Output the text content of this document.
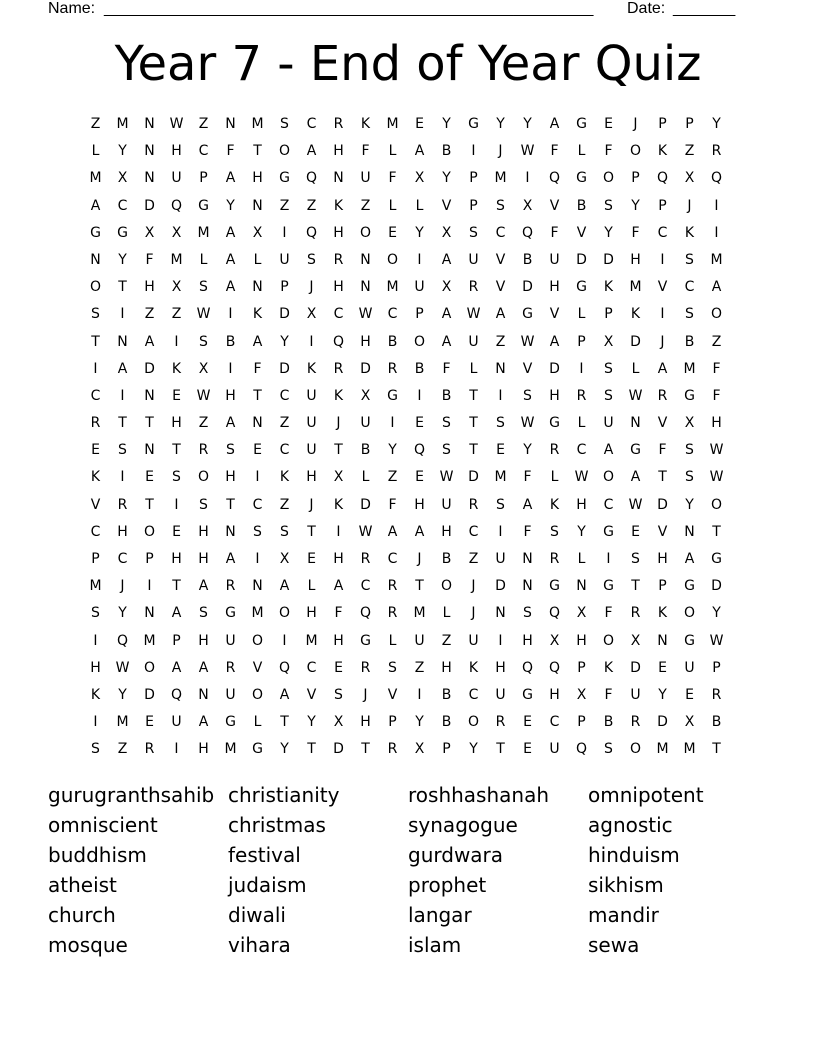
Name: _______________________________________________________ Date: _______
Year 7 - End of Year Quiz
Z	M	N	W	Z	N	M	S	C	R	K	M	E	Y	G	Y	Y	A	G	E	J	P	P	Y
L	Y	N	H	C	F	T	O	A	H	F	L	A	B	I	J	W	F	L	F	O	K	Z	R
M	X	N	U	P	A	H	G	Q	N	U	F	X	Y	P	M	I	Q	G	O	P	Q	X	Q
A	C	D	Q	G	Y	N	Z	Z	K	Z	L	L	V	P	S	X	V	B	S	Y	P	J	I
G	G	X	X	M	A	X	I	Q	H	O	E	Y	X	S	C	Q	F	V	Y	F	C	K	I
N	Y	F	M	L	A	L	U	S	R	N	O	I	A	U	V	B	U	D	D	H	I	S	M
O	T	H	X	S	A	N	P	J	H	N	M	U	X	R	V	D	H	G	K	M	V	C	A
S	I	Z	Z	W	I	K	D	X	C	W	C	P	A	W	A	G	V	L	P	K	I	S	O
T	N	A	I	S	B	A	Y	I	Q	H	B	O	A	U	Z	W	A	P	X	D	J	B	Z
I	A	D	K	X	I	F	D	K	R	D	R	B	F	L	N	V	D	I	S	L	A	M	F
C	I	N	E	W	H	T	C	U	K	X	G	I	B	T	I	S	H	R	S	W	R	G	F
R	T	T	H	Z	A	N	Z	U	J	U	I	E	S	T	S	W	G	L	U	N	V	X	H
E	S	N	T	R	S	E	C	U	T	B	Y	Q	S	T	E	Y	R	C	A	G	F	S	W
K	I	E	S	O	H	I	K	H	X	L	Z	E	W	D	M	F	L	W	O	A	T	S	W
V	R	T	I	S	T	C	Z	J	K	D	F	H	U	R	S	A	K	H	C	W	D	Y	O
C	H	O	E	H	N	S	S	T	I	W	A	A	H	C	I	F	S	Y	G	E	V	N	T
P	C	P	H	H	A	I	X	E	H	R	C	J	B	Z	U	N	R	L	I	S	H	A	G
M	J	I	T	A	R	N	A	L	A	C	R	T	O	J	D	N	G	N	G	T	P	G	D
S	Y	N	A	S	G	M	O	H	F	Q	R	M	L	J	N	S	Q	X	F	R	K	O	Y
I	Q	M	P	H	U	O	I	M	H	G	L	U	Z	U	I	H	X	H	O	X	N	G	W
H	W	O	A	A	R	V	Q	C	E	R	S	Z	H	K	H	Q	Q	P	K	D	E	U	P
K	Y	D	Q	N	U	O	A	V	S	J	V	I	B	C	U	G	H	X	F	U	Y	E	R
I	M	E	U	A	G	L	T	Y	X	H	P	Y	B	O	R	E	C	P	B	R	D	X	B
S	Z	R	I	H	M	G	Y	T	D	T	R	X	P	Y	T	E	U	Q	S	O	M	M	T
gurugranthsahib
omniscient
buddhism
atheist
church
mosque
christianity
christmas
festival
judaism
diwali
vihara
roshhashanah
synagogue
gurdwara
prophet
langar
islam
omnipotent
agnostic
hinduism
sikhism
mandir
sewa
